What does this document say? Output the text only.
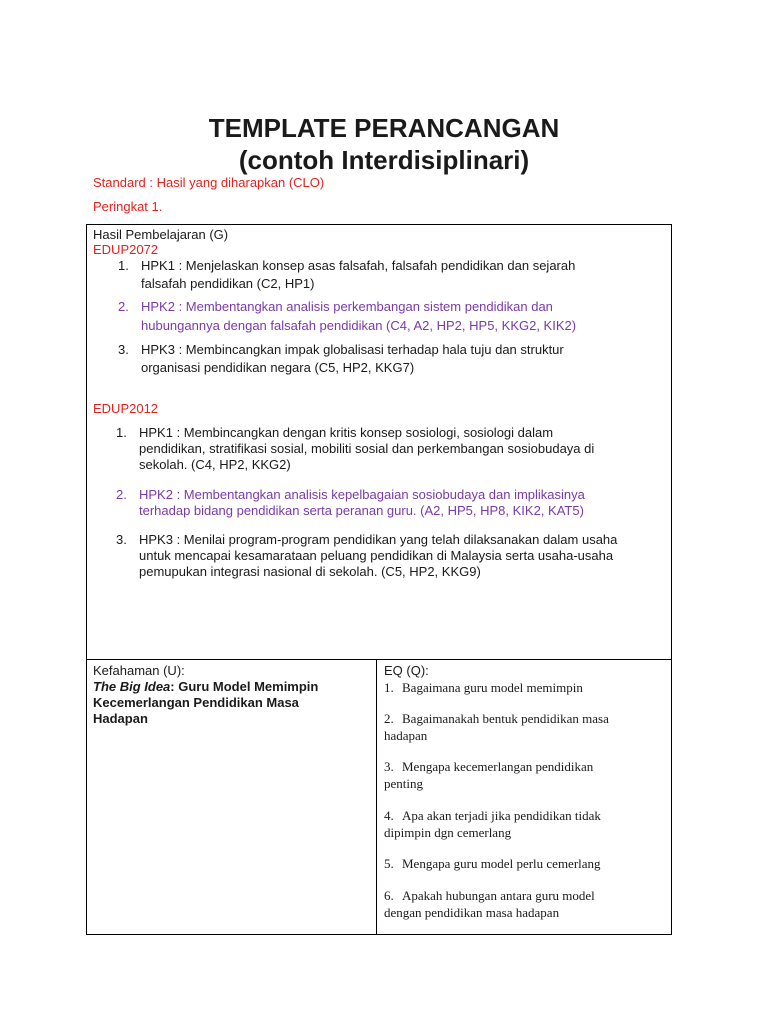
TEMPLATE PERANCANGAN
(contoh Interdisiplinari)
Standard : Hasil yang diharapkan (CLO)
Peringkat 1.
Hasil Pembelajaran (G)
EDUP2072
1. HPK1 : Menjelaskan konsep asas falsafah, falsafah pendidikan dan sejarah
falsafah pendidikan (C2, HP1)
2. HPK2 : Membentangkan analisis perkembangan sistem pendidikan dan
hubungannya dengan falsafah pendidikan (C4, A2, HP2, HP5, KKG2, KIK2)
3. HPK3 : Membincangkan impak globalisasi terhadap hala tuju dan struktur
organisasi pendidikan negara (C5, HP2, KKG7)
EDUP2012
1. HPK1 : Membincangkan dengan kritis konsep sosiologi, sosiologi dalam
pendidikan, stratifikasi sosial, mobiliti sosial dan perkembangan sosiobudaya di
sekolah. (C4, HP2, KKG2)
2. HPK2 : Membentangkan analisis kepelbagaian sosiobudaya dan implikasinya
terhadap bidang pendidikan serta peranan guru. (A2, HP5, HP8, KIK2, KAT5)
3. HPK3 : Menilai program-program pendidikan yang telah dilaksanakan dalam usaha
untuk mencapai kesamarataan peluang pendidikan di Malaysia serta usaha-usaha
pemupukan integrasi nasional di sekolah. (C5, HP2, KKG9)
Kefahaman (U):
The Big Idea: Guru Model Memimpin
Kecemerlangan Pendidikan Masa
Hadapan
EQ (Q):
1. Bagaimana guru model memimpin
2. Bagaimanakah bentuk pendidikan masa
hadapan
3. Mengapa kecemerlangan pendidikan
penting
4. Apa akan terjadi jika pendidikan tidak
dipimpin dgn cemerlang
5. Mengapa guru model perlu cemerlang
6. Apakah hubungan antara guru model
dengan pendidikan masa hadapan
